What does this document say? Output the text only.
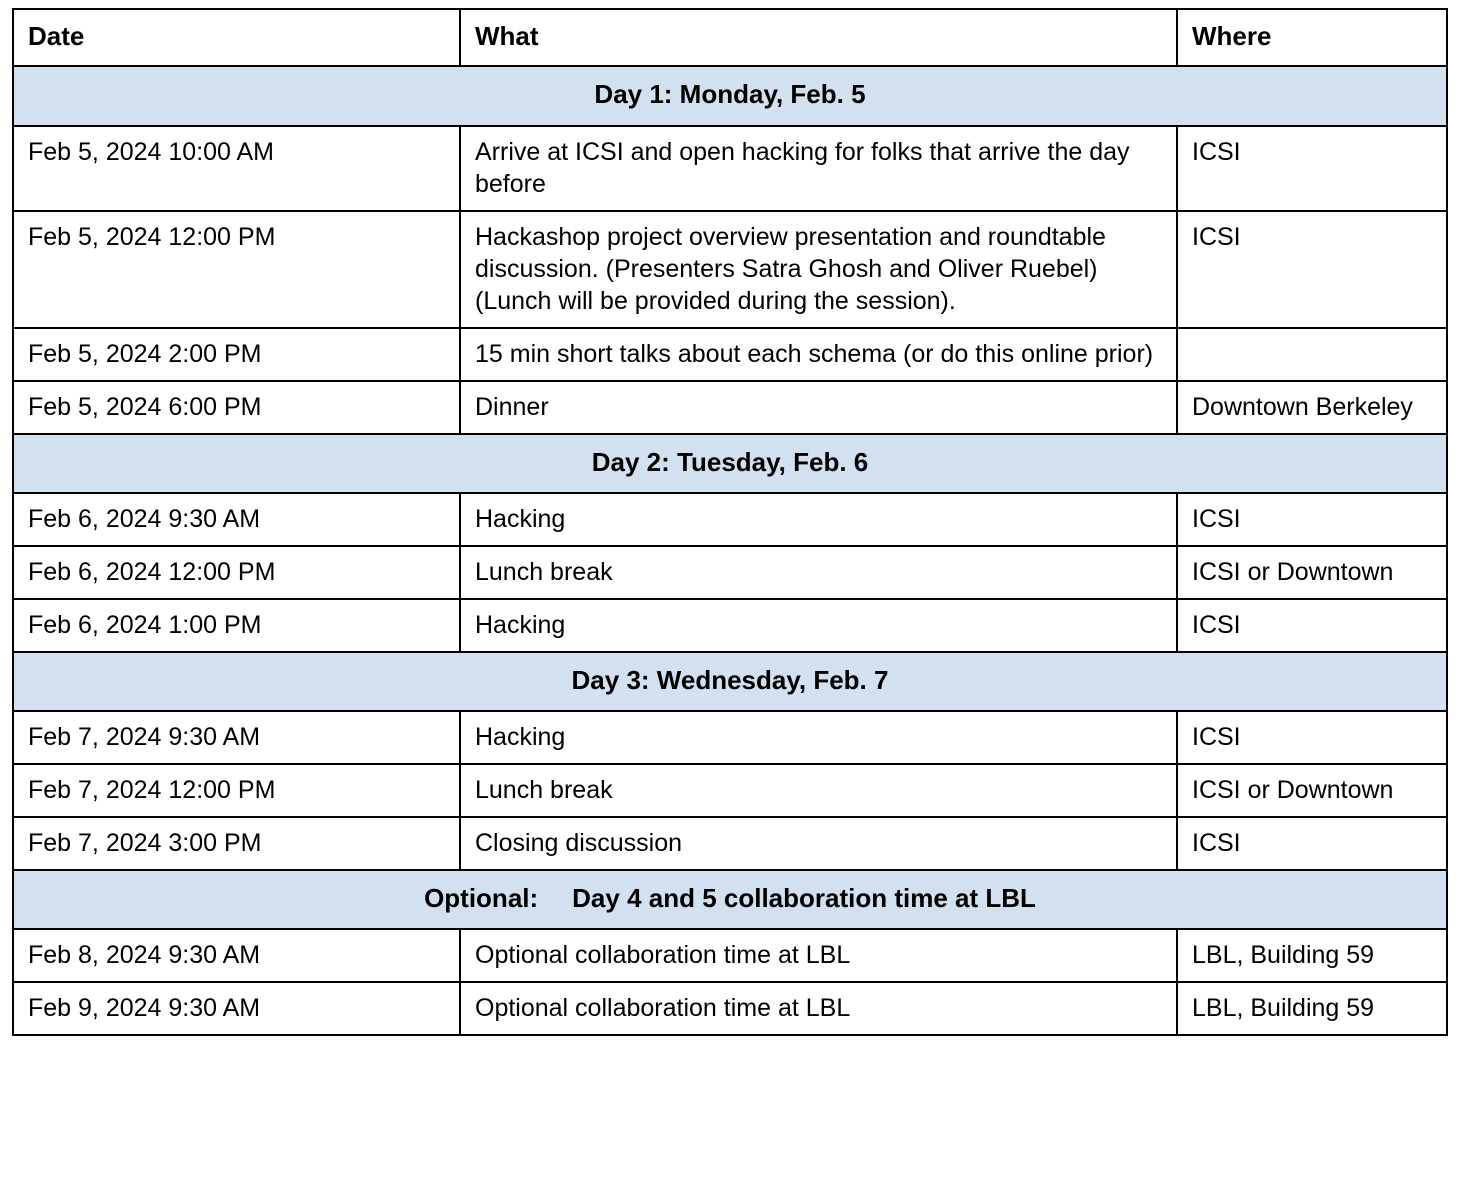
Date	What	Where
Day 1: Monday, Feb. 5		
Feb 5, 2024 10:00 AM	Arrive at ICSI and open hacking for folks that arrive the day before	ICSI
Feb 5, 2024 12:00 PM	Hackashop project overview presentation and roundtable discussion. (Presenters Satra Ghosh and Oliver Ruebel) (Lunch will be provided during the session).	ICSI
Feb 5, 2024 2:00 PM	15 min short talks about each schema (or do this online prior)	
Feb 5, 2024 6:00 PM	Dinner	Downtown Berkeley
Day 2: Tuesday, Feb. 6		
Feb 6, 2024 9:30 AM	Hacking	ICSI
Feb 6, 2024 12:00 PM	Lunch break	ICSI or Downtown
Feb 6, 2024 1:00 PM	Hacking	ICSI
Day 3: Wednesday, Feb. 7		
Feb 7, 2024 9:30 AM	Hacking	ICSI
Feb 7, 2024 12:00 PM	Lunch break	ICSI or Downtown
Feb 7, 2024 3:00 PM	Closing discussion	ICSI
Optional: Day 4 and 5 collaboration time at LBL		
Feb 8, 2024 9:30 AM	Optional collaboration time at LBL	LBL, Building 59
Feb 9, 2024 9:30 AM	Optional collaboration time at LBL	LBL, Building 59
